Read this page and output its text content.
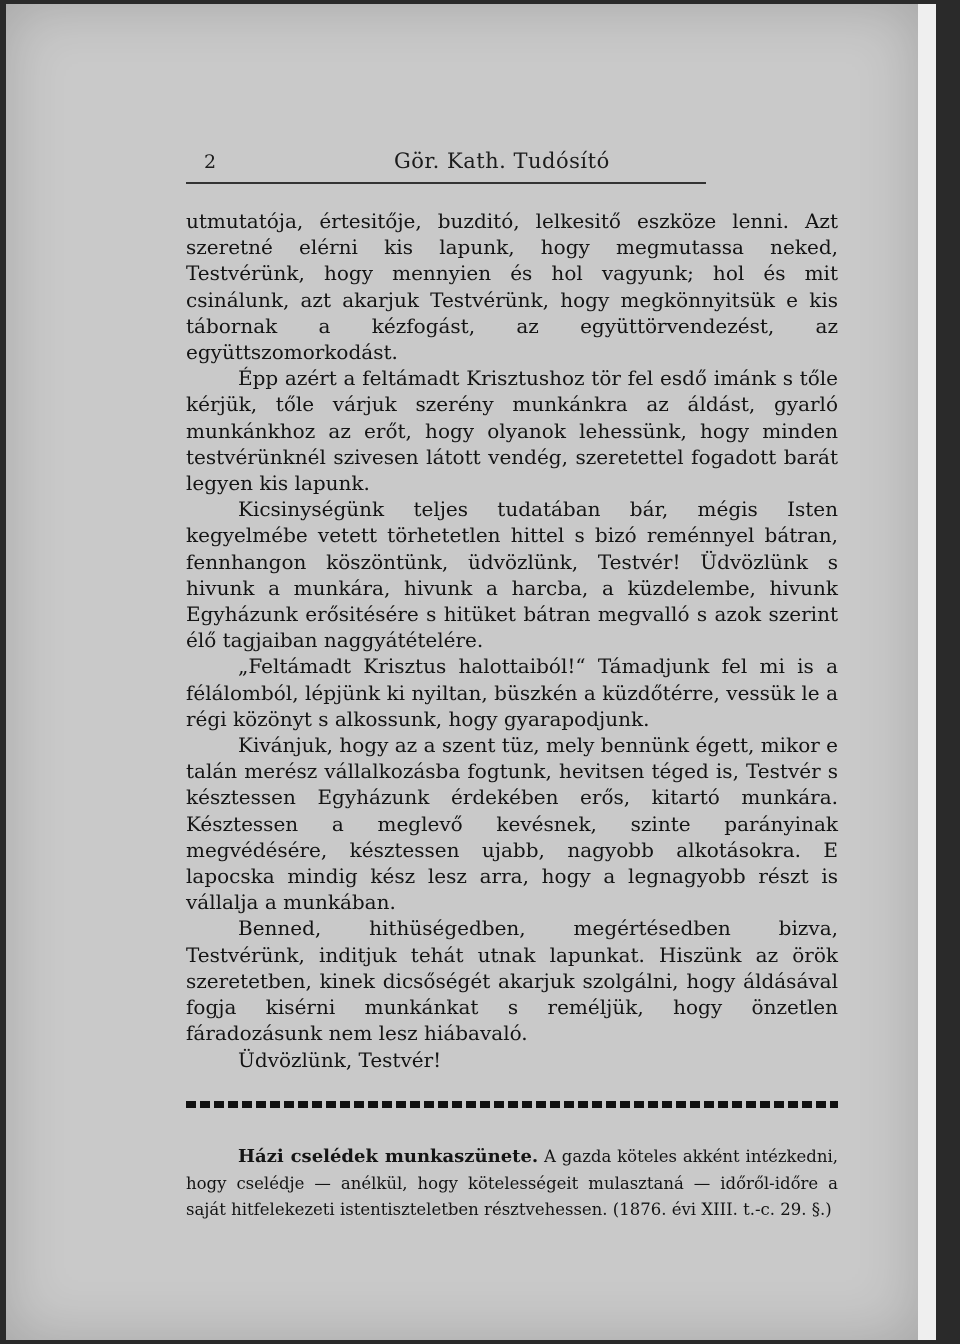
2	Gör. Kath. Tudósító

utmutatója, értesitője, buzditó, lelkesitő eszköze lenni. Azt szeretné elérni kis lapunk, hogy megmutassa neked, Testvérünk, hogy mennyien és hol vagyunk; hol és mit csinálunk, azt akarjuk Testvérünk, hogy megkönnyitsük e kis tábornak a kézfogást, az együttörvendezést, az együttszomorkodást.

Épp azért a feltámadt Krisztushoz tör fel esdő imánk s tőle kérjük, tőle várjuk szerény munkánkra az áldást, gyarló munkánkhoz az erőt, hogy olyanok lehessünk, hogy minden testvérünknél szivesen látott vendég, szeretettel fogadott barát legyen kis lapunk.

Kicsinységünk teljes tudatában bár, mégis Isten kegyelmébe vetett törhetetlen hittel s bizó reménnyel bátran, fennhangon köszöntünk, üdvözlünk, Testvér! Üdvözlünk s hivunk a munkára, hivunk a harcba, a küzdelembe, hivunk Egyházunk erősitésére s hitüket bátran megvalló s azok szerint élő tagjaiban naggyátételére.

„Feltámadt Krisztus halottaiból!“ Támadjunk fel mi is a félálomból, lépjünk ki nyiltan, büszkén a küzdőtérre, vessük le a régi közönyt s alkossunk, hogy gyarapodjunk.

Kivánjuk, hogy az a szent tüz, mely bennünk égett, mikor e talán merész vállalkozásba fogtunk, hevitsen téged is, Testvér s késztessen Egyházunk érdekében erős, kitartó munkára. Késztessen a meglevő kevésnek, szinte parányinak megvédésére, késztessen ujabb, nagyobb alkotásokra. E lapocska mindig kész lesz arra, hogy a legnagyobb részt is vállalja a munkában.

Benned, hithüségedben, megértésedben bizva, Testvérünk, inditjuk tehát utnak lapunkat. Hiszünk az örök szeretetben, kinek dicsőségét akarjuk szolgálni, hogy áldásával fogja kisérni munkánkat s reméljük, hogy önzetlen fáradozásunk nem lesz hiábavaló.

Üdvözlünk, Testvér!

Házi cselédek munkaszünete. A gazda köteles akként intézkedni, hogy cselédje — anélkül, hogy kötelességeit mulasztaná — időről-időre a saját hitfelekezeti istentiszteletben résztvehessen. (1876. évi XIII. t.-c. 29. §.)
